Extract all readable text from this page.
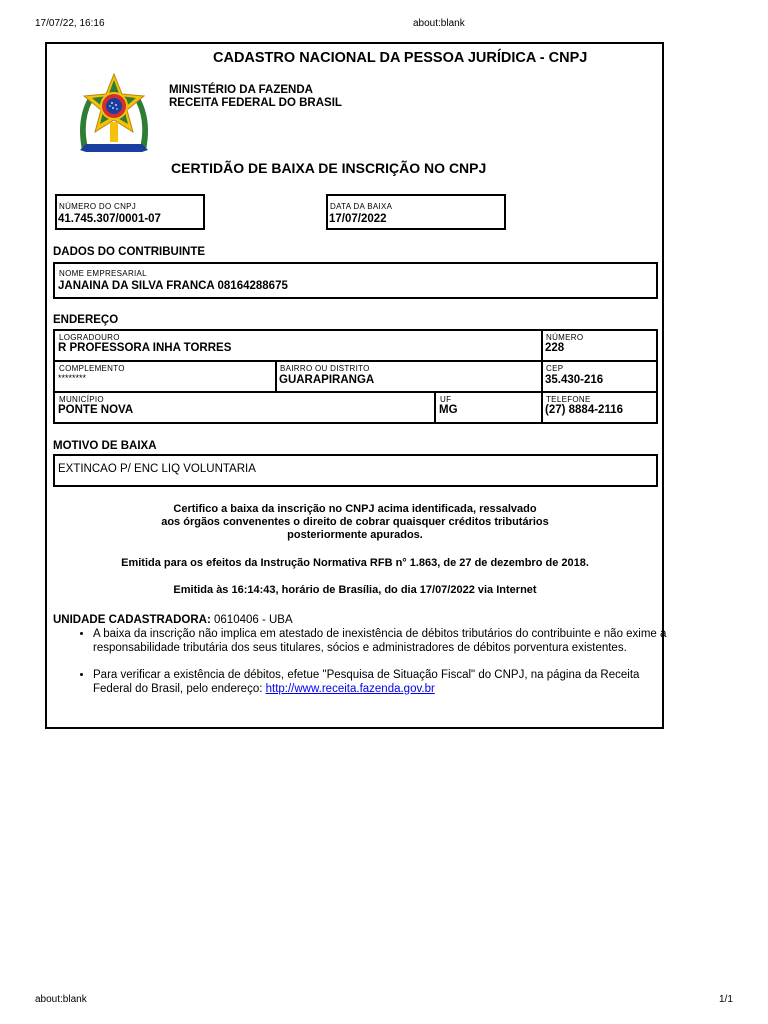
17/07/22, 16:16	about:blank
CADASTRO NACIONAL DA PESSOA JURÍDICA - CNPJ
MINISTÉRIO DA FAZENDA
RECEITA FEDERAL DO BRASIL
CERTIDÃO DE BAIXA DE INSCRIÇÃO NO CNPJ
NÚMERO DO CNPJ
41.745.307/0001-07
DATA DA BAIXA
17/07/2022
DADOS DO CONTRIBUINTE
NOME EMPRESARIAL
JANAINA DA SILVA FRANCA 08164288675
ENDEREÇO
LOGRADOURO
R PROFESSORA INHA TORRES
NÚMERO
228
COMPLEMENTO
********
BAIRRO OU DISTRITO
GUARAPIRANGA
CEP
35.430-216
MUNICÍPIO
PONTE NOVA
UF
MG
TELEFONE
(27) 8884-2116
MOTIVO DE BAIXA
EXTINCAO P/ ENC LIQ VOLUNTARIA
Certifico a baixa da inscrição no CNPJ acima identificada, ressalvado
aos órgãos convenentes o direito de cobrar quaisquer créditos tributários
posteriormente apurados.
Emitida para os efeitos da Instrução Normativa RFB n° 1.863, de 27 de dezembro de 2018.
Emitida às 16:14:43, horário de Brasília, do dia 17/07/2022 via Internet
UNIDADE CADASTRADORA: 0610406 - UBA
• A baixa da inscrição não implica em atestado de inexistência de débitos tributários do contribuinte e não exime a responsabilidade tributária dos seus titulares, sócios e administradores de débitos porventura existentes.
• Para verificar a existência de débitos, efetue "Pesquisa de Situação Fiscal" do CNPJ, na página da Receita Federal do Brasil, pelo endereço: http://www.receita.fazenda.gov.br
about:blank	1/1
